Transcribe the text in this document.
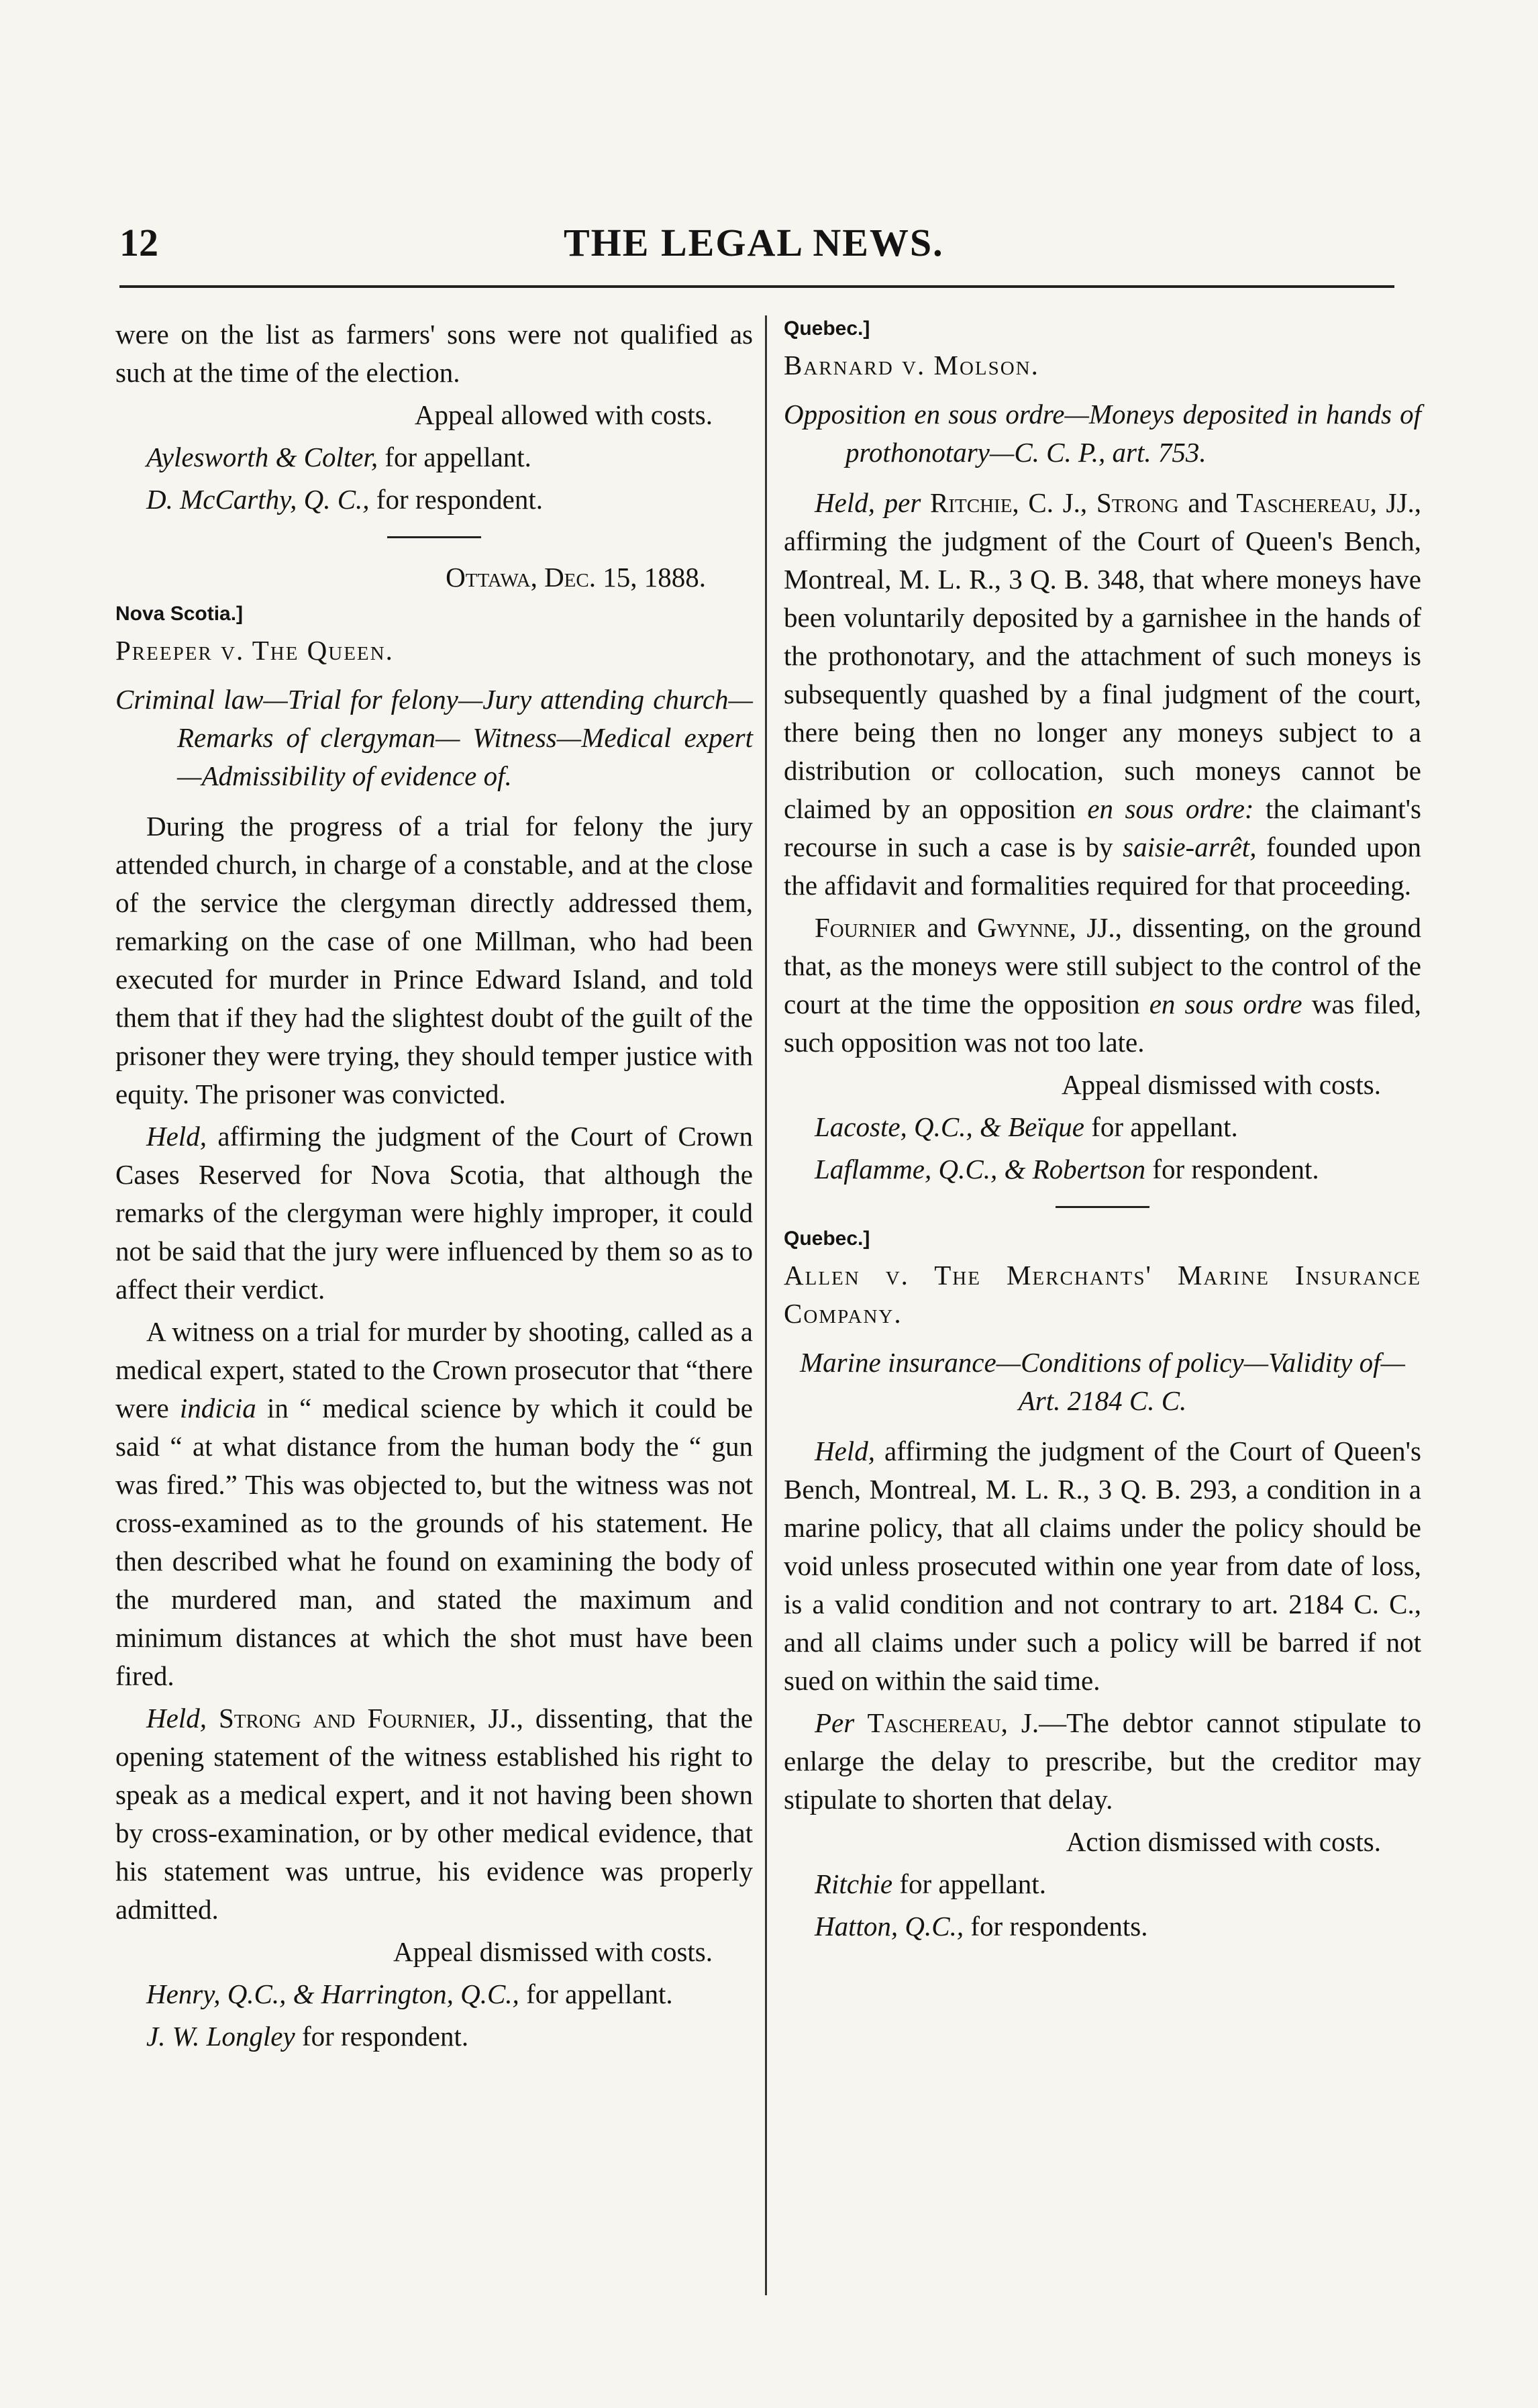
12	THE LEGAL NEWS.

were on the list as farmers' sons were not qualified as such at the time of the election.

Appeal allowed with costs.

Aylesworth & Colter, for appellant.

D. McCarthy, Q. C., for respondent.

Ottawa, Dec. 15, 1888.

Nova Scotia.]

Preeper v. The Queen.

Criminal law—Trial for felony—Jury attending church—Remarks of clergyman— Witness—Medical expert—Admissibility of evidence of.

During the progress of a trial for felony the jury attended church, in charge of a constable, and at the close of the service the clergyman directly addressed them, remarking on the case of one Millman, who had been executed for murder in Prince Edward Island, and told them that if they had the slightest doubt of the guilt of the prisoner they were trying, they should temper justice with equity. The prisoner was convicted.

Held, affirming the judgment of the Court of Crown Cases Reserved for Nova Scotia, that although the remarks of the clergyman were highly improper, it could not be said that the jury were influenced by them so as to affect their verdict.

A witness on a trial for murder by shooting, called as a medical expert, stated to the Crown prosecutor that “there were indicia in “ medical science by which it could be said “ at what distance from the human body the “ gun was fired.” This was objected to, but the witness was not cross-examined as to the grounds of his statement. He then described what he found on examining the body of the murdered man, and stated the maximum and minimum distances at which the shot must have been fired.

Held, Strong and Fournier, JJ., dissenting, that the opening statement of the witness established his right to speak as a medical expert, and it not having been shown by cross-examination, or by other medical evidence, that his statement was untrue, his evidence was properly admitted.

Appeal dismissed with costs.

Henry, Q.C., & Harrington, Q.C., for appellant.

J. W. Longley for respondent.

Quebec.]

Barnard v. Molson.

Opposition en sous ordre—Moneys deposited in hands of prothonotary—C. C. P., art. 753.

Held, per Ritchie, C. J., Strong and Taschereau, JJ., affirming the judgment of the Court of Queen's Bench, Montreal, M. L. R., 3 Q. B. 348, that where moneys have been voluntarily deposited by a garnishee in the hands of the prothonotary, and the attachment of such moneys is subsequently quashed by a final judgment of the court, there being then no longer any moneys subject to a distribution or collocation, such moneys cannot be claimed by an opposition en sous ordre: the claimant's recourse in such a case is by saisie-arrêt, founded upon the affidavit and formalities required for that proceeding.

Fournier and Gwynne, JJ., dissenting, on the ground that, as the moneys were still subject to the control of the court at the time the opposition en sous ordre was filed, such opposition was not too late.

Appeal dismissed with costs.

Lacoste, Q.C., & Beïque for appellant.

Laflamme, Q.C., & Robertson for respondent.

Quebec.]

Allen v. The Merchants' Marine Insurance Company.

Marine insurance—Conditions of policy—Validity of—Art. 2184 C. C.

Held, affirming the judgment of the Court of Queen's Bench, Montreal, M. L. R., 3 Q. B. 293, a condition in a marine policy, that all claims under the policy should be void unless prosecuted within one year from date of loss, is a valid condition and not contrary to art. 2184 C. C., and all claims under such a policy will be barred if not sued on within the said time.

Per Taschereau, J.—The debtor cannot stipulate to enlarge the delay to prescribe, but the creditor may stipulate to shorten that delay.

Action dismissed with costs.

Ritchie for appellant.

Hatton, Q.C., for respondents.
